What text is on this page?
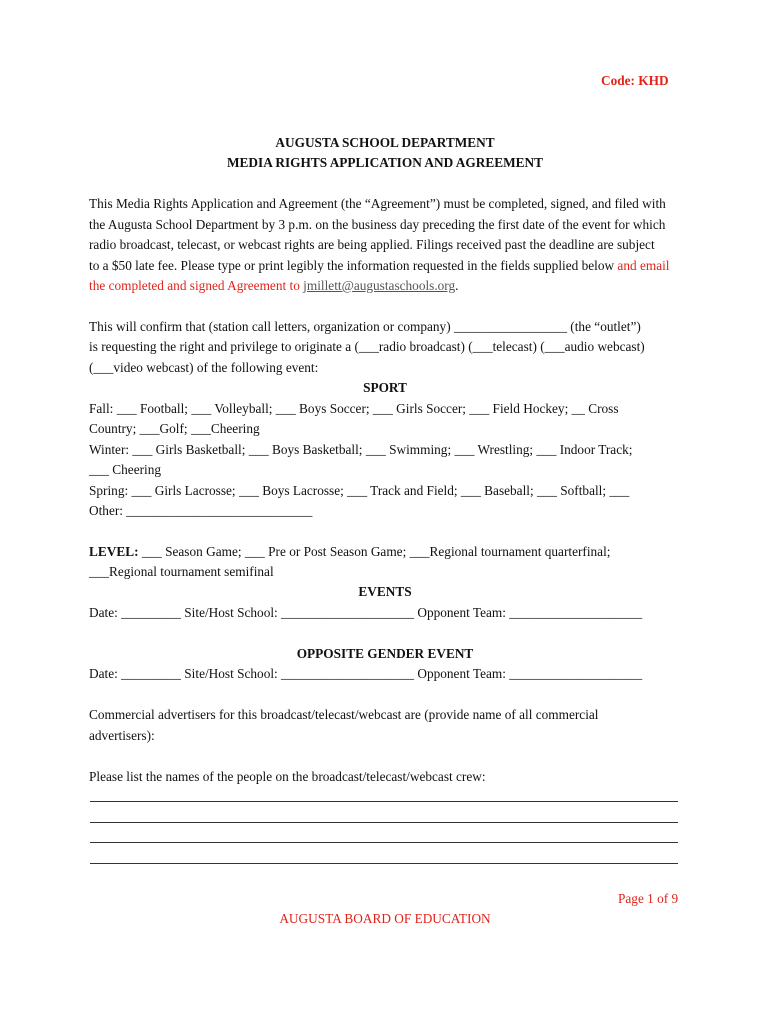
Code: KHD
AUGUSTA SCHOOL DEPARTMENT
MEDIA RIGHTS APPLICATION AND AGREEMENT
This Media Rights Application and Agreement (the “Agreement”) must be completed, signed, and filed with
the Augusta School Department by 3 p.m. on the business day preceding the first date of the event for which
radio broadcast, telecast, or webcast rights are being applied. Filings received past the deadline are subject
to a $50 late fee. Please type or print legibly the information requested in the fields supplied below and email
the completed and signed Agreement to jmillett@augustaschools.org.
This will confirm that (station call letters, organization or company) _________________ (the “outlet”)
is requesting the right and privilege to originate a (___radio broadcast) (___telecast) (___audio webcast)
(___video webcast) of the following event:
SPORT
Fall: ___ Football; ___ Volleyball; ___ Boys Soccer; ___ Girls Soccer; ___ Field Hockey; __ Cross
Country; ___Golf; ___Cheering
Winter: ___ Girls Basketball; ___ Boys Basketball; ___ Swimming; ___ Wrestling; ___ Indoor Track;
___ Cheering
Spring: ___ Girls Lacrosse; ___ Boys Lacrosse; ___ Track and Field; ___ Baseball; ___ Softball; ___
Other: ____________________________
LEVEL: ___ Season Game; ___ Pre or Post Season Game; ___Regional tournament quarterfinal;
___Regional tournament semifinal
EVENTS
Date: _________ Site/Host School: ____________________ Opponent Team: ____________________
OPPOSITE GENDER EVENT
Date: _________ Site/Host School: ____________________ Opponent Team: ____________________
Commercial advertisers for this broadcast/telecast/webcast are (provide name of all commercial
advertisers):
Please list the names of the people on the broadcast/telecast/webcast crew:
Page 1 of 9
AUGUSTA BOARD OF EDUCATION
